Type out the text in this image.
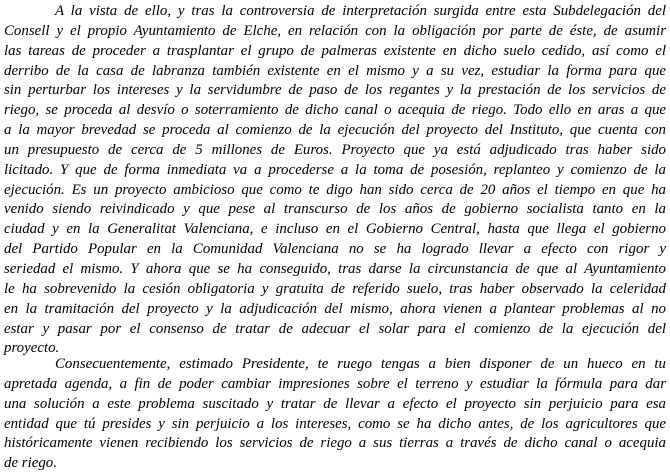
A la vista de ello, y tras la controversia de interpretación surgida entre esta Subdelegación del
Consell y el propio Ayuntamiento de Elche, en relación con la obligación por parte de éste, de asumir
las tareas de proceder a trasplantar el grupo de palmeras existente en dicho suelo cedido, así como el
derribo de la casa de labranza también existente en el mismo y a su vez, estudiar la forma para que
sin perturbar los intereses y la servidumbre de paso de los regantes y la prestación de los servicios de
riego, se proceda al desvío o soterramiento de dicho canal o acequia de riego. Todo ello en aras a que
a la mayor brevedad se proceda al comienzo de la ejecución del proyecto del Instituto, que cuenta con
un presupuesto de cerca de 5 millones de Euros. Proyecto que ya está adjudicado tras haber sido
licitado. Y que de forma inmediata va a procederse a la toma de posesión, replanteo y comienzo de la
ejecución. Es un proyecto ambicioso que como te digo han sido cerca de 20 años el tiempo en que ha
venido siendo reivindicado y que pese al transcurso de los años de gobierno socialista tanto en la
ciudad y en la Generalitat Valenciana, e incluso en el Gobierno Central, hasta que llega el gobierno
del Partido Popular en la Comunidad Valenciana no se ha logrado llevar a efecto con rigor y
seriedad el mismo. Y ahora que se ha conseguido, tras darse la circunstancia de que al Ayuntamiento
le ha sobrevenido la cesión obligatoria y gratuita de referido suelo, tras haber observado la celeridad
en la tramitación del proyecto y la adjudicación del mismo, ahora vienen a plantear problemas al no
estar y pasar por el consenso de tratar de adecuar el solar para el comienzo de la ejecución del
proyecto.
Consecuentemente, estimado Presidente, te ruego tengas a bien disponer de un hueco en tu
apretada agenda, a fin de poder cambiar impresiones sobre el terreno y estudiar la fórmula para dar
una solución a este problema suscitado y tratar de llevar a efecto el proyecto sin perjuicio para esa
entidad que tú presides y sin perjuicio a los intereses, como se ha dicho antes, de los agricultores que
históricamente vienen recibiendo los servicios de riego a sus tierras a través de dicho canal o acequia
de riego.
